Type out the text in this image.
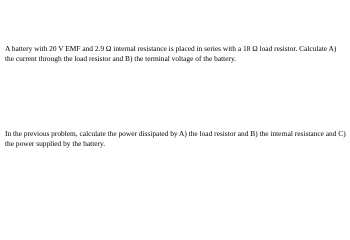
A battery with 20 V EMF and 2.9 Ω internal resistance is placed in series with a 18 Ω load resistor. Calculate A) the current through the load resistor and B) the terminal voltage of the battery.

In the previous problem, calculate the power dissipated by A) the load resistor and B) the internal resistance and C) the power supplied by the battery.
